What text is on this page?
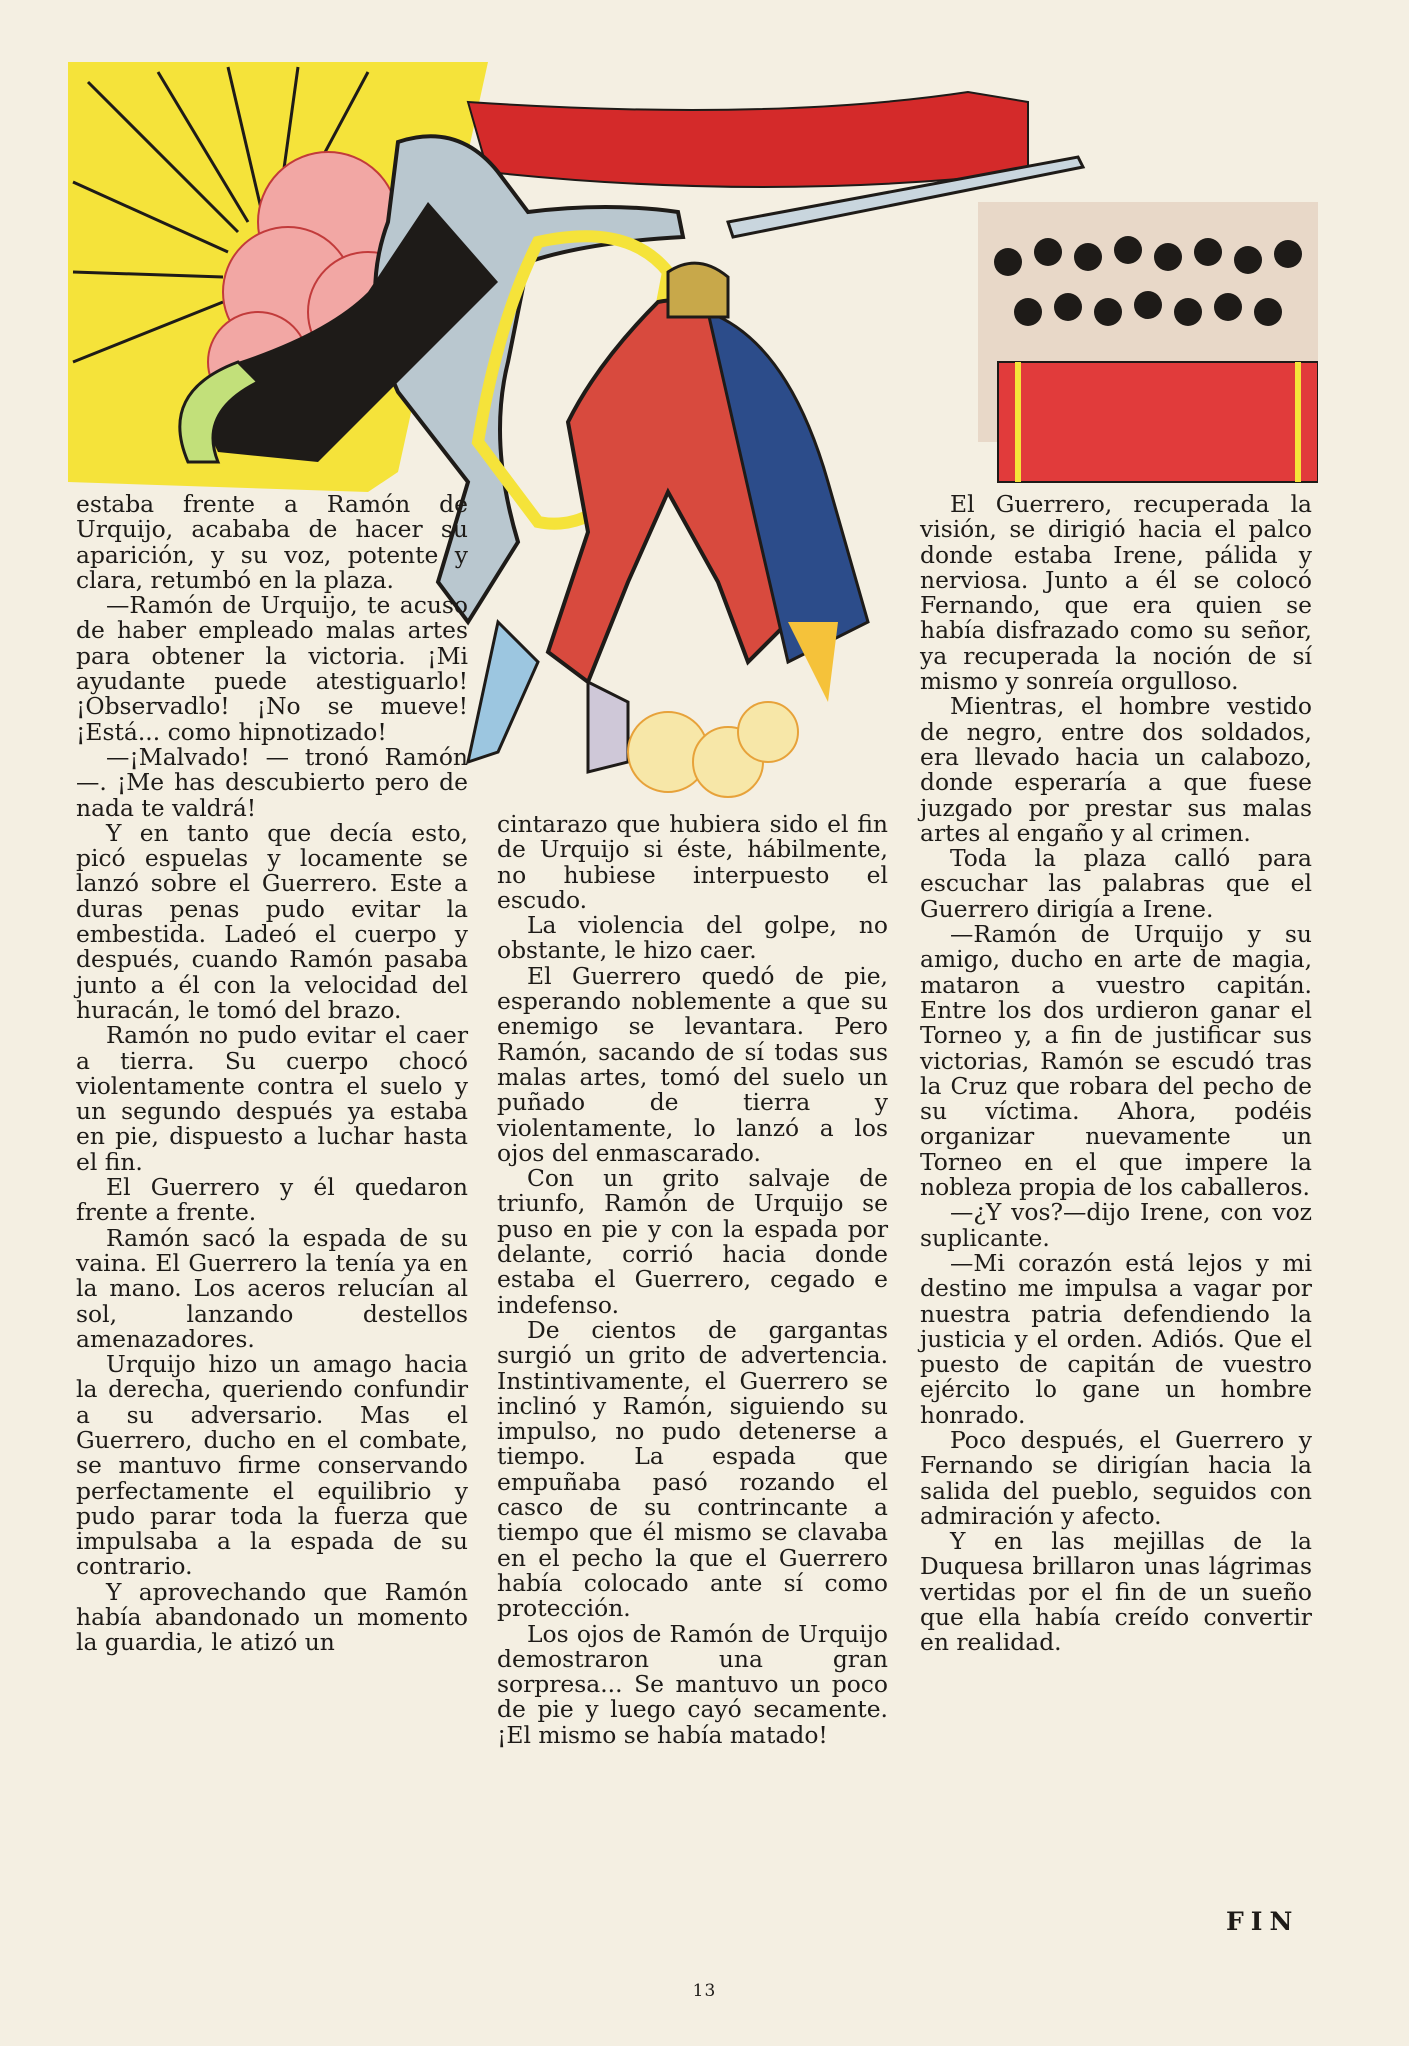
estaba frente a Ramón de Urquijo, acababa de hacer su aparición, y su voz, potente y clara, retumbó en la plaza.

—Ramón de Urquijo, te acuso de haber empleado malas artes para obtener la victoria. ¡Mi ayudante puede atestiguarlo! ¡Observadlo! ¡No se mueve! ¡Está... como hipnotizado!

—¡Malvado! — tronó Ramón—. ¡Me has descubierto pero de nada te valdrá!

Y en tanto que decía esto, picó espuelas y locamente se lanzó sobre el Guerrero. Este a duras penas pudo evitar la embestida. Ladeó el cuerpo y después, cuando Ramón pasaba junto a él con la velocidad del huracán, le tomó del brazo.

Ramón no pudo evitar el caer a tierra. Su cuerpo chocó violentamente contra el suelo y un segundo después ya estaba en pie, dispuesto a luchar hasta el fin.

El Guerrero y él quedaron frente a frente.

Ramón sacó la espada de su vaina. El Guerrero la tenía ya en la mano. Los aceros relucían al sol, lanzando destellos amenazadores.

Urquijo hizo un amago hacia la derecha, queriendo confundir a su adversario. Mas el Guerrero, ducho en el combate, se mantuvo firme conservando perfectamente el equilibrio y pudo parar toda la fuerza que impulsaba a la espada de su contrario.

Y aprovechando que Ramón había abandonado un momento la guardia, le atizó un

cintarazo que hubiera sido el fin de Urquijo si éste, hábilmente, no hubiese interpuesto el escudo.

La violencia del golpe, no obstante, le hizo caer.

El Guerrero quedó de pie, esperando noblemente a que su enemigo se levantara. Pero Ramón, sacando de sí todas sus malas artes, tomó del suelo un puñado de tierra y violentamente, lo lanzó a los ojos del enmascarado.

Con un grito salvaje de triunfo, Ramón de Urquijo se puso en pie y con la espada por delante, corrió hacia donde estaba el Guerrero, cegado e indefenso.

De cientos de gargantas surgió un grito de advertencia. Instintivamente, el Guerrero se inclinó y Ramón, siguiendo su impulso, no pudo detenerse a tiempo. La espada que empuñaba pasó rozando el casco de su contrincante a tiempo que él mismo se clavaba en el pecho la que el Guerrero había colocado ante sí como protección.

Los ojos de Ramón de Urquijo demostraron una gran sorpresa... Se mantuvo un poco de pie y luego cayó secamente. ¡El mismo se había matado!

El Guerrero, recuperada la visión, se dirigió hacia el palco donde estaba Irene, pálida y nerviosa. Junto a él se colocó Fernando, que era quien se había disfrazado como su señor, ya recuperada la noción de sí mismo y sonreía orgulloso.

Mientras, el hombre vestido de negro, entre dos soldados, era llevado hacia un calabozo, donde esperaría a que fuese juzgado por prestar sus malas artes al engaño y al crimen.

Toda la plaza calló para escuchar las palabras que el Guerrero dirigía a Irene.

—Ramón de Urquijo y su amigo, ducho en arte de magia, mataron a vuestro capitán. Entre los dos urdieron ganar el Torneo y, a fin de justificar sus victorias, Ramón se escudó tras la Cruz que robara del pecho de su víctima. Ahora, podéis organizar nuevamente un Torneo en el que impere la nobleza propia de los caballeros.

—¿Y vos?—dijo Irene, con voz suplicante.

—Mi corazón está lejos y mi destino me impulsa a vagar por nuestra patria defendiendo la justicia y el orden. Adiós. Que el puesto de capitán de vuestro ejército lo gane un hombre honrado.

Poco después, el Guerrero y Fernando se dirigían hacia la salida del pueblo, seguidos con admiración y afecto.

Y en las mejillas de la Duquesa brillaron unas lágrimas vertidas por el fin de un sueño que ella había creído convertir en realidad.

FIN
13
